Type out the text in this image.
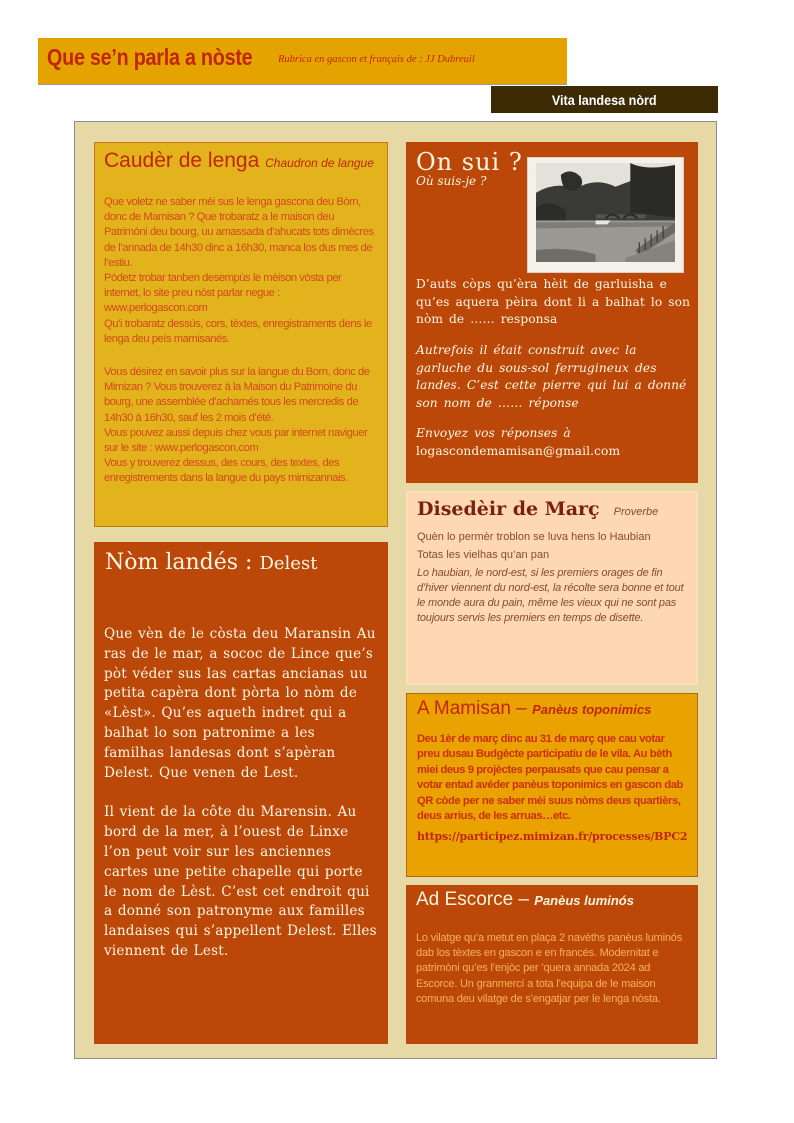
Que se’n parla a nòste Rubrica en gascon et français de : JJ Dubreuil
Vita landesa nòrd
Caudèr de lenga Chaudron de langue

Que voletz ne saber mèi sus le lenga gascona deu Bòrn, donc de Mamisan ? Que trobaratz a le maison deu Patrimòni deu bourg, uu amassada d’ahucats tots dimècres de l’annada de 14h30 dinc a 16h30, manca los dus mes de l’estiu.

Pòdetz trobar tanben desempùs le mèison vòsta per internet, lo site preu nòst parlar negue :

www.perlogascon.com

Qu’i trobaratz dessús, cors, tèxtes, enregistraments dens le lenga deu peís mamisanés.

Vous désirez en savoir plus sur la langue du Born, donc de Mimizan ? Vous trouverez à la Maison du Patrimoine du bourg, une assemblée d’acharnés tous les mercredis de 14h30 à 16h30, sauf les 2 mois d’été.

Vous pouvez aussi depuis chez vous par internet naviguer sur le site : www.perlogascon.com

Vous y trouverez dessus, des cours, des textes, des enregistrements dans la langue du pays mimizannais.

Nòm landés : Delest

Que vèn de le còsta deu Maransin Au ras de le mar, a sococ de Lince que’s pòt véder sus las cartas ancianas uu petita capèra dont pòrta lo nòm de «Lèst». Qu’es aqueth indret qui a balhat lo son patronime a les familhas landesas dont s’apèran Delest. Que venen de Lest.

Il vient de la côte du Marensin. Au bord de la mer, à l’ouest de Linxe l’on peut voir sur les anciennes cartes une petite chapelle qui porte le nom de Lèst. C’est cet endroit qui a donné son patronyme aux familles landaises qui s’appellent Delest. Elles viennent de Lest.

On sui ?
Où suis-je ?

D’auts còps qu’èra hèit de garluisha e qu’es aquera pèira dont li a balhat lo son nòm de …… responsa

Autrefois il était construit avec la garluche du sous-sol ferrugineux des landes. C’est cette pierre qui lui a donné son nom de …… réponse

Envoyez vos réponses à
logascondemamisan@gmail.com

Disedèir de Març Proverbe

Quèn lo permèr troblon se luva hens lo Haubian

Totas les vielhas qu’an pan

Lo haubian, le nord-est, si les premiers orages de fin d’hiver viennent du nord-est, la récolte sera bonne et tout le monde aura du pain, même les vieux qui ne sont pas toujours servis les premiers en temps de disette.

A Mamisan – Panèus toponimics

Deu 1èr de març dinc au 31 de març que cau votar preu dusau Budgècte participatiu de le vila. Au bèth miei deus 9 projèctes perpausats que cau pensar a votar entad avéder panèus toponimics en gascon dab QR còde per ne saber mèi suus nòms deus quartièrs, deus arrius, de les arruas…etc.

https://participez.mimizan.fr/processes/BPC2
Ad Escorce – Panèus luminós

Lo vilatge qu’a metut en plaça 2 navèths panèus luminós dab los tèxtes en gascon e en francés. Modernitat e patrimòni qu’es l’enjòc per ’quera annada 2024 ad Escorce. Un granmercí a tota l’equipa de le maison comuna deu vilatge de s’engatjar per le lenga nòsta.
